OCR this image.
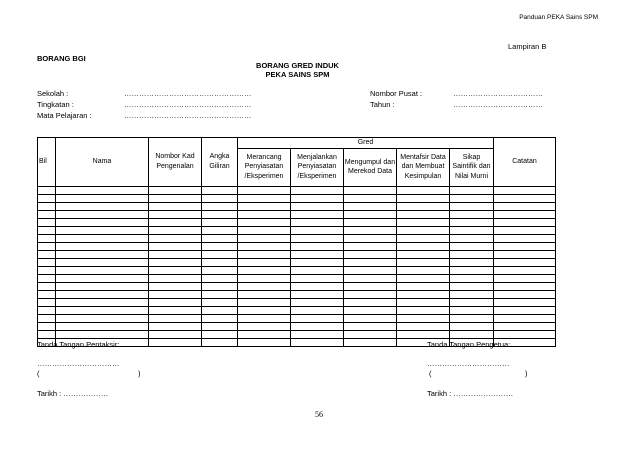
Panduan PEKA Sains SPM
Lampiran B
BORANG BGI
BORANG GRED INDUK
PEKA SAINS SPM
Sekolah :	……………………………………………
Tingkatan :	……………………………………………
Mata Pelajaran :	……………………………………………
Nombor Pusat :	………………………………
Tahun :	………………………………
Bil	Nama	Nombor Kad Pengenalan	Angka Giliran	Gred					Catatan
				Merancang Penyiasatan /Eksperimen	Menjalankan Penyiasatan /Eksperimen	Mengumpul dan Merekod Data	Mentafsir Data dan Membuat Kesimpulan	Sikap Saintifik dan Nilai Murni	

Tanda Tangan Pentaksir:
……………………………
(	)
Tarikh : ………………
Tanda Tangan Pengetua:
……………………………
(	)
Tarikh : ……………………
56
